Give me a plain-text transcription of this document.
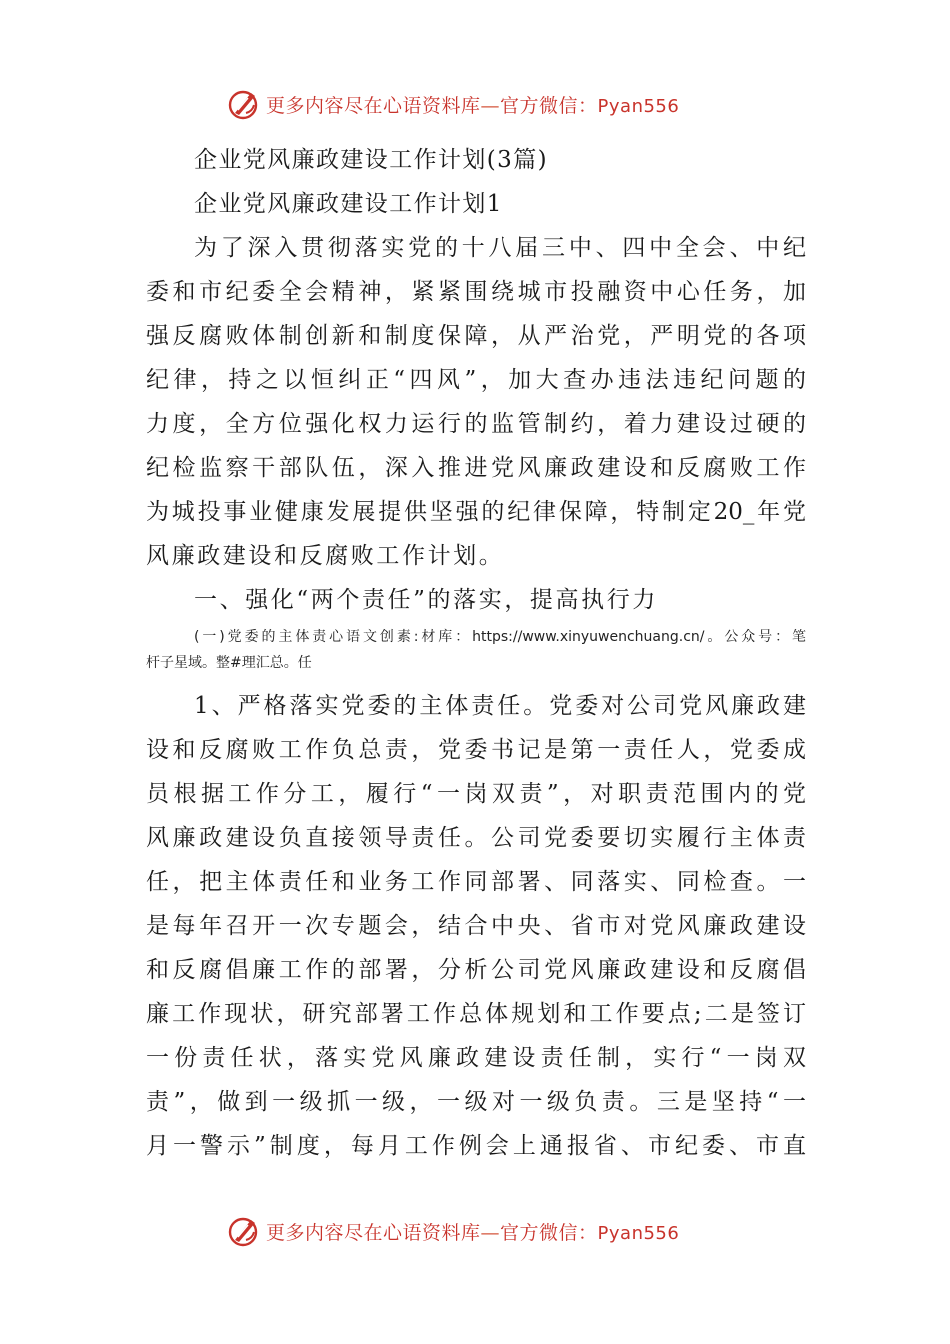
更多内容尽在心语资料库—官方微信：Pyan556
企业党风廉政建设工作计划(3篇)
企业党风廉政建设工作计划1
为了深入贯彻落实党的十八届三中、四中全会、中纪
委和市纪委全会精神，紧紧围绕城市投融资中心任务，加
强反腐败体制创新和制度保障，从严治党，严明党的各项
纪律，持之以恒纠正“四风”，加大查办违法违纪问题的
力度，全方位强化权力运行的监管制约，着力建设过硬的
纪检监察干部队伍，深入推进党风廉政建设和反腐败工作
为城投事业健康发展提供坚强的纪律保障，特制定20_年党
风廉政建设和反腐败工作计划。
一、强化“两个责任”的落实，提高执行力
(一)党委的主体责心语文创素:材库：https://www.xinyuwenchuang.cn/。公众号：笔
杆子星域。整#理汇总。任
1、严格落实党委的主体责任。党委对公司党风廉政建
设和反腐败工作负总责，党委书记是第一责任人，党委成
员根据工作分工，履行“一岗双责”，对职责范围内的党
风廉政建设负直接领导责任。公司党委要切实履行主体责
任，把主体责任和业务工作同部署、同落实、同检查。一
是每年召开一次专题会，结合中央、省市对党风廉政建设
和反腐倡廉工作的部署，分析公司党风廉政建设和反腐倡
廉工作现状，研究部署工作总体规划和工作要点;二是签订
一份责任状，落实党风廉政建设责任制，实行“一岗双
责”，做到一级抓一级，一级对一级负责。三是坚持“一
月一警示”制度，每月工作例会上通报省、市纪委、市直
更多内容尽在心语资料库—官方微信：Pyan556
